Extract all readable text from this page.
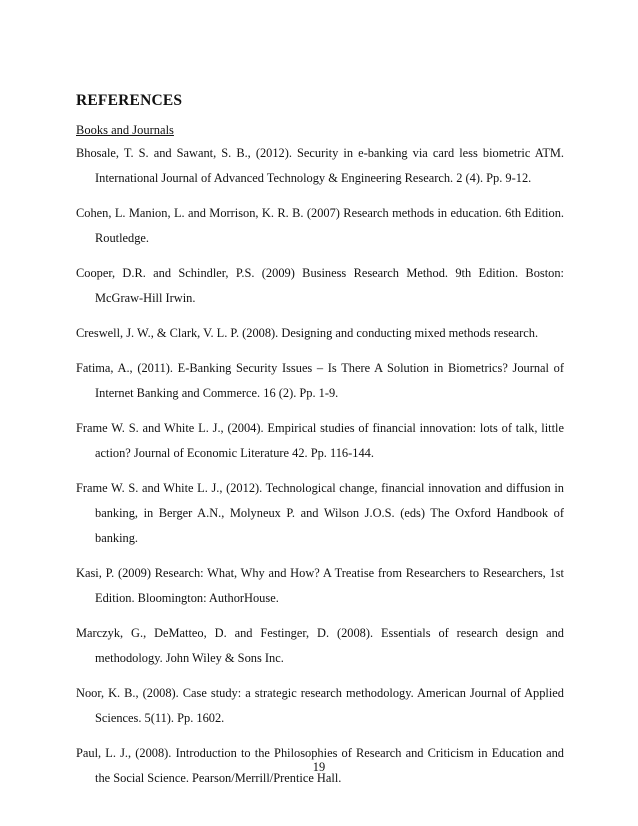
REFERENCES
Books and Journals
Bhosale, T. S. and Sawant, S. B., (2012). Security in e-banking via card less biometric ATM. International Journal of Advanced Technology & Engineering Research. 2 (4). Pp. 9-12.
Cohen, L. Manion, L. and Morrison, K. R. B. (2007) Research methods in education. 6th Edition. Routledge.
Cooper, D.R. and Schindler, P.S. (2009) Business Research Method. 9th Edition. Boston: McGraw-Hill Irwin.
Creswell, J. W., & Clark, V. L. P. (2008). Designing and conducting mixed methods research.
Fatima, A., (2011). E-Banking Security Issues – Is There A Solution in Biometrics? Journal of Internet Banking and Commerce. 16 (2). Pp. 1-9.
Frame W. S. and White L. J., (2004). Empirical studies of financial innovation: lots of talk, little action? Journal of Economic Literature 42. Pp. 116-144.
Frame W. S. and White L. J., (2012). Technological change, financial innovation and diffusion in banking, in Berger A.N., Molyneux P. and Wilson J.O.S. (eds) The Oxford Handbook of banking.
Kasi, P. (2009) Research: What, Why and How? A Treatise from Researchers to Researchers, 1st Edition. Bloomington: AuthorHouse.
Marczyk, G., DeMatteo, D. and Festinger, D. (2008). Essentials of research design and methodology. John Wiley & Sons Inc.
Noor, K. B., (2008). Case study: a strategic research methodology. American Journal of Applied Sciences. 5(11). Pp. 1602.
Paul, L. J., (2008). Introduction to the Philosophies of Research and Criticism in Education and the Social Science. Pearson/Merrill/Prentice Hall.
19
